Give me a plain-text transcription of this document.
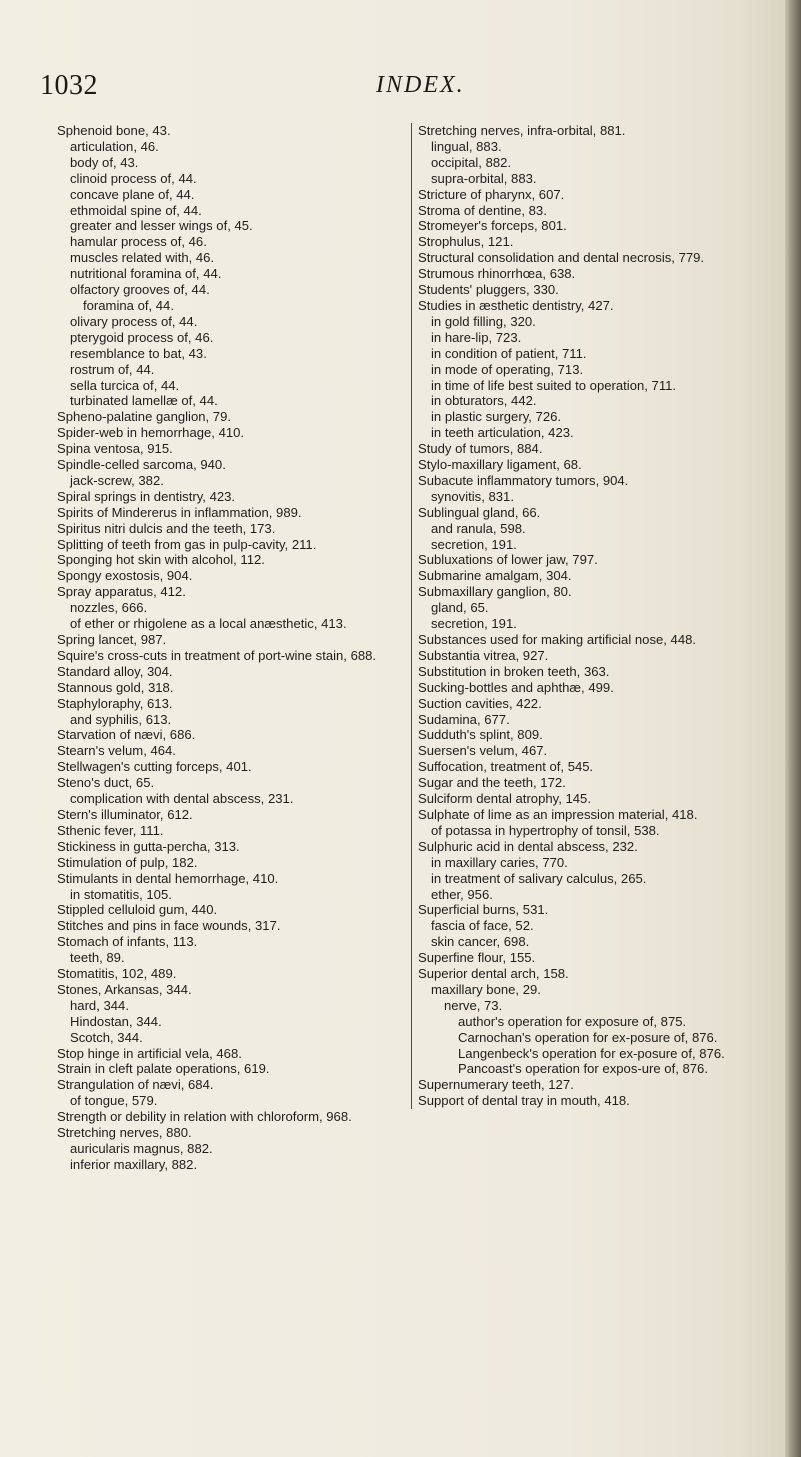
1032	INDEX.
Sphenoid bone, 43.
articulation, 46.
body of, 43.
clinoid process of, 44.
concave plane of, 44.
ethmoidal spine of, 44.
greater and lesser wings of, 45.
hamular process of, 46.
muscles related with, 46.
nutritional foramina of, 44.
olfactory grooves of, 44.
foramina of, 44.
olivary process of, 44.
pterygoid process of, 46.
resemblance to bat, 43.
rostrum of, 44.
sella turcica of, 44.
turbinated lamellæ of, 44.
Spheno-palatine ganglion, 79.
Spider-web in hemorrhage, 410.
Spina ventosa, 915.
Spindle-celled sarcoma, 940.
jack-screw, 382.
Spiral springs in dentistry, 423.
Spirits of Mindererus in inflammation, 989.
Spiritus nitri dulcis and the teeth, 173.
Splitting of teeth from gas in pulp-cavity, 211.
Sponging hot skin with alcohol, 112.
Spongy exostosis, 904.
Spray apparatus, 412.
nozzles, 666.
of ether or rhigolene as a local anæsthetic, 413.
Spring lancet, 987.
Squire's cross-cuts in treatment of port-wine stain, 688.
Standard alloy, 304.
Stannous gold, 318.
Staphyloraphy, 613.
and syphilis, 613.
Starvation of nævi, 686.
Stearn's velum, 464.
Stellwagen's cutting forceps, 401.
Steno's duct, 65.
complication with dental abscess, 231.
Stern's illuminator, 612.
Sthenic fever, 111.
Stickiness in gutta-percha, 313.
Stimulation of pulp, 182.
Stimulants in dental hemorrhage, 410.
in stomatitis, 105.
Stippled celluloid gum, 440.
Stitches and pins in face wounds, 317.
Stomach of infants, 113.
teeth, 89.
Stomatitis, 102, 489.
Stones, Arkansas, 344.
hard, 344.
Hindostan, 344.
Scotch, 344.
Stop hinge in artificial vela, 468.
Strain in cleft palate operations, 619.
Strangulation of nævi, 684.
of tongue, 579.
Strength or debility in relation with chloroform, 968.
Stretching nerves, 880.
auricularis magnus, 882.
inferior maxillary, 882.
Stretching nerves, infra-orbital, 881.
lingual, 883.
occipital, 882.
supra-orbital, 883.
Stricture of pharynx, 607.
Stroma of dentine, 83.
Stromeyer's forceps, 801.
Strophulus, 121.
Structural consolidation and dental necrosis, 779.
Strumous rhinorrhœa, 638.
Students' pluggers, 330.
Studies in æsthetic dentistry, 427.
in gold filling, 320.
in hare-lip, 723.
in condition of patient, 711.
in mode of operating, 713.
in time of life best suited to operation, 711.
in obturators, 442.
in plastic surgery, 726.
in teeth articulation, 423.
Study of tumors, 884.
Stylo-maxillary ligament, 68.
Subacute inflammatory tumors, 904.
synovitis, 831.
Sublingual gland, 66.
and ranula, 598.
secretion, 191.
Subluxations of lower jaw, 797.
Submarine amalgam, 304.
Submaxillary ganglion, 80.
gland, 65.
secretion, 191.
Substances used for making artificial nose, 448.
Substantia vitrea, 927.
Substitution in broken teeth, 363.
Sucking-bottles and aphthæ, 499.
Suction cavities, 422.
Sudamina, 677.
Sudduth's splint, 809.
Suersen's velum, 467.
Suffocation, treatment of, 545.
Sugar and the teeth, 172.
Sulciform dental atrophy, 145.
Sulphate of lime as an impression material, 418.
of potassa in hypertrophy of tonsil, 538.
Sulphuric acid in dental abscess, 232.
in maxillary caries, 770.
in treatment of salivary calculus, 265.
ether, 956.
Superficial burns, 531.
fascia of face, 52.
skin cancer, 698.
Superfine flour, 155.
Superior dental arch, 158.
maxillary bone, 29.
nerve, 73.
author's operation for exposure of, 875.
Carnochan's operation for ex-posure of, 876.
Langenbeck's operation for ex-posure of, 876.
Pancoast's operation for expos-ure of, 876.
Supernumerary teeth, 127.
Support of dental tray in mouth, 418.
